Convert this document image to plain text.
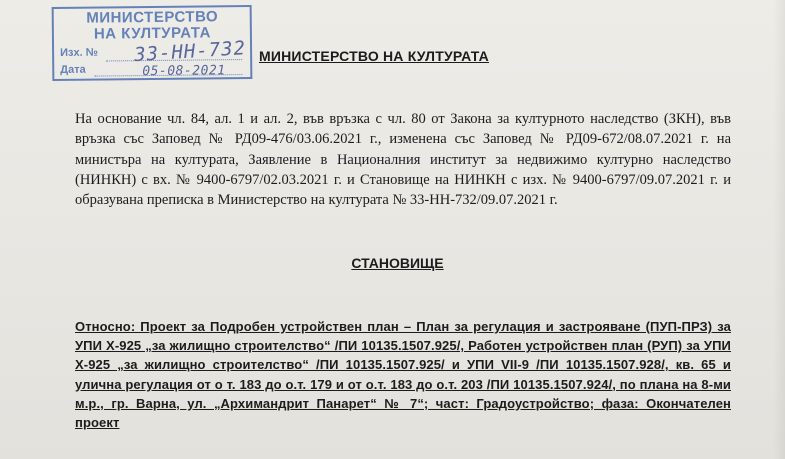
МИНИСТЕРСТВО
НА КУЛТУРАТА
Изх. №
Дата
33-НН-732
05-08-2021
МИНИСТЕРСТВО НА КУЛТУРАТА

На основание чл. 84, ал. 1 и ал. 2, във връзка с чл. 80 от Закона за културното наследство (ЗКН), във връзка със Заповед № РД09-476/03.06.2021 г., изменена със Заповед № РД09-672/08.07.2021 г. на министъра на културата, Заявление в Националния институт за недвижимо културно наследство (НИНКН) с вх. № 9400-6797/02.03.2021 г. и Становище на НИНКН с изх. № 9400-6797/09.07.2021 г. и образувана преписка в Министерство на културата № 33-НН-732/09.07.2021 г.

СТАНОВИЩЕ

Относно: Проект за Подробен устройствен план – План за регулация и застрояване (ПУП-ПРЗ) за УПИ Х-925 „за жилищно строителство“ /ПИ 10135.1507.925/, Работен устройствен план (РУП) за УПИ Х-925 „за жилищно строителство“ /ПИ 10135.1507.925/ и УПИ VII-9 /ПИ 10135.1507.928/, кв. 65 и улична регулация от о т. 183 до о.т. 179 и от о.т. 183 до о.т. 203 /ПИ 10135.1507.924/, по плана на 8-ми м.р., гр. Варна, ул. „Архимандрит Панарет“ № 7“; част: Градоустройство; фаза: Окончателен проект
